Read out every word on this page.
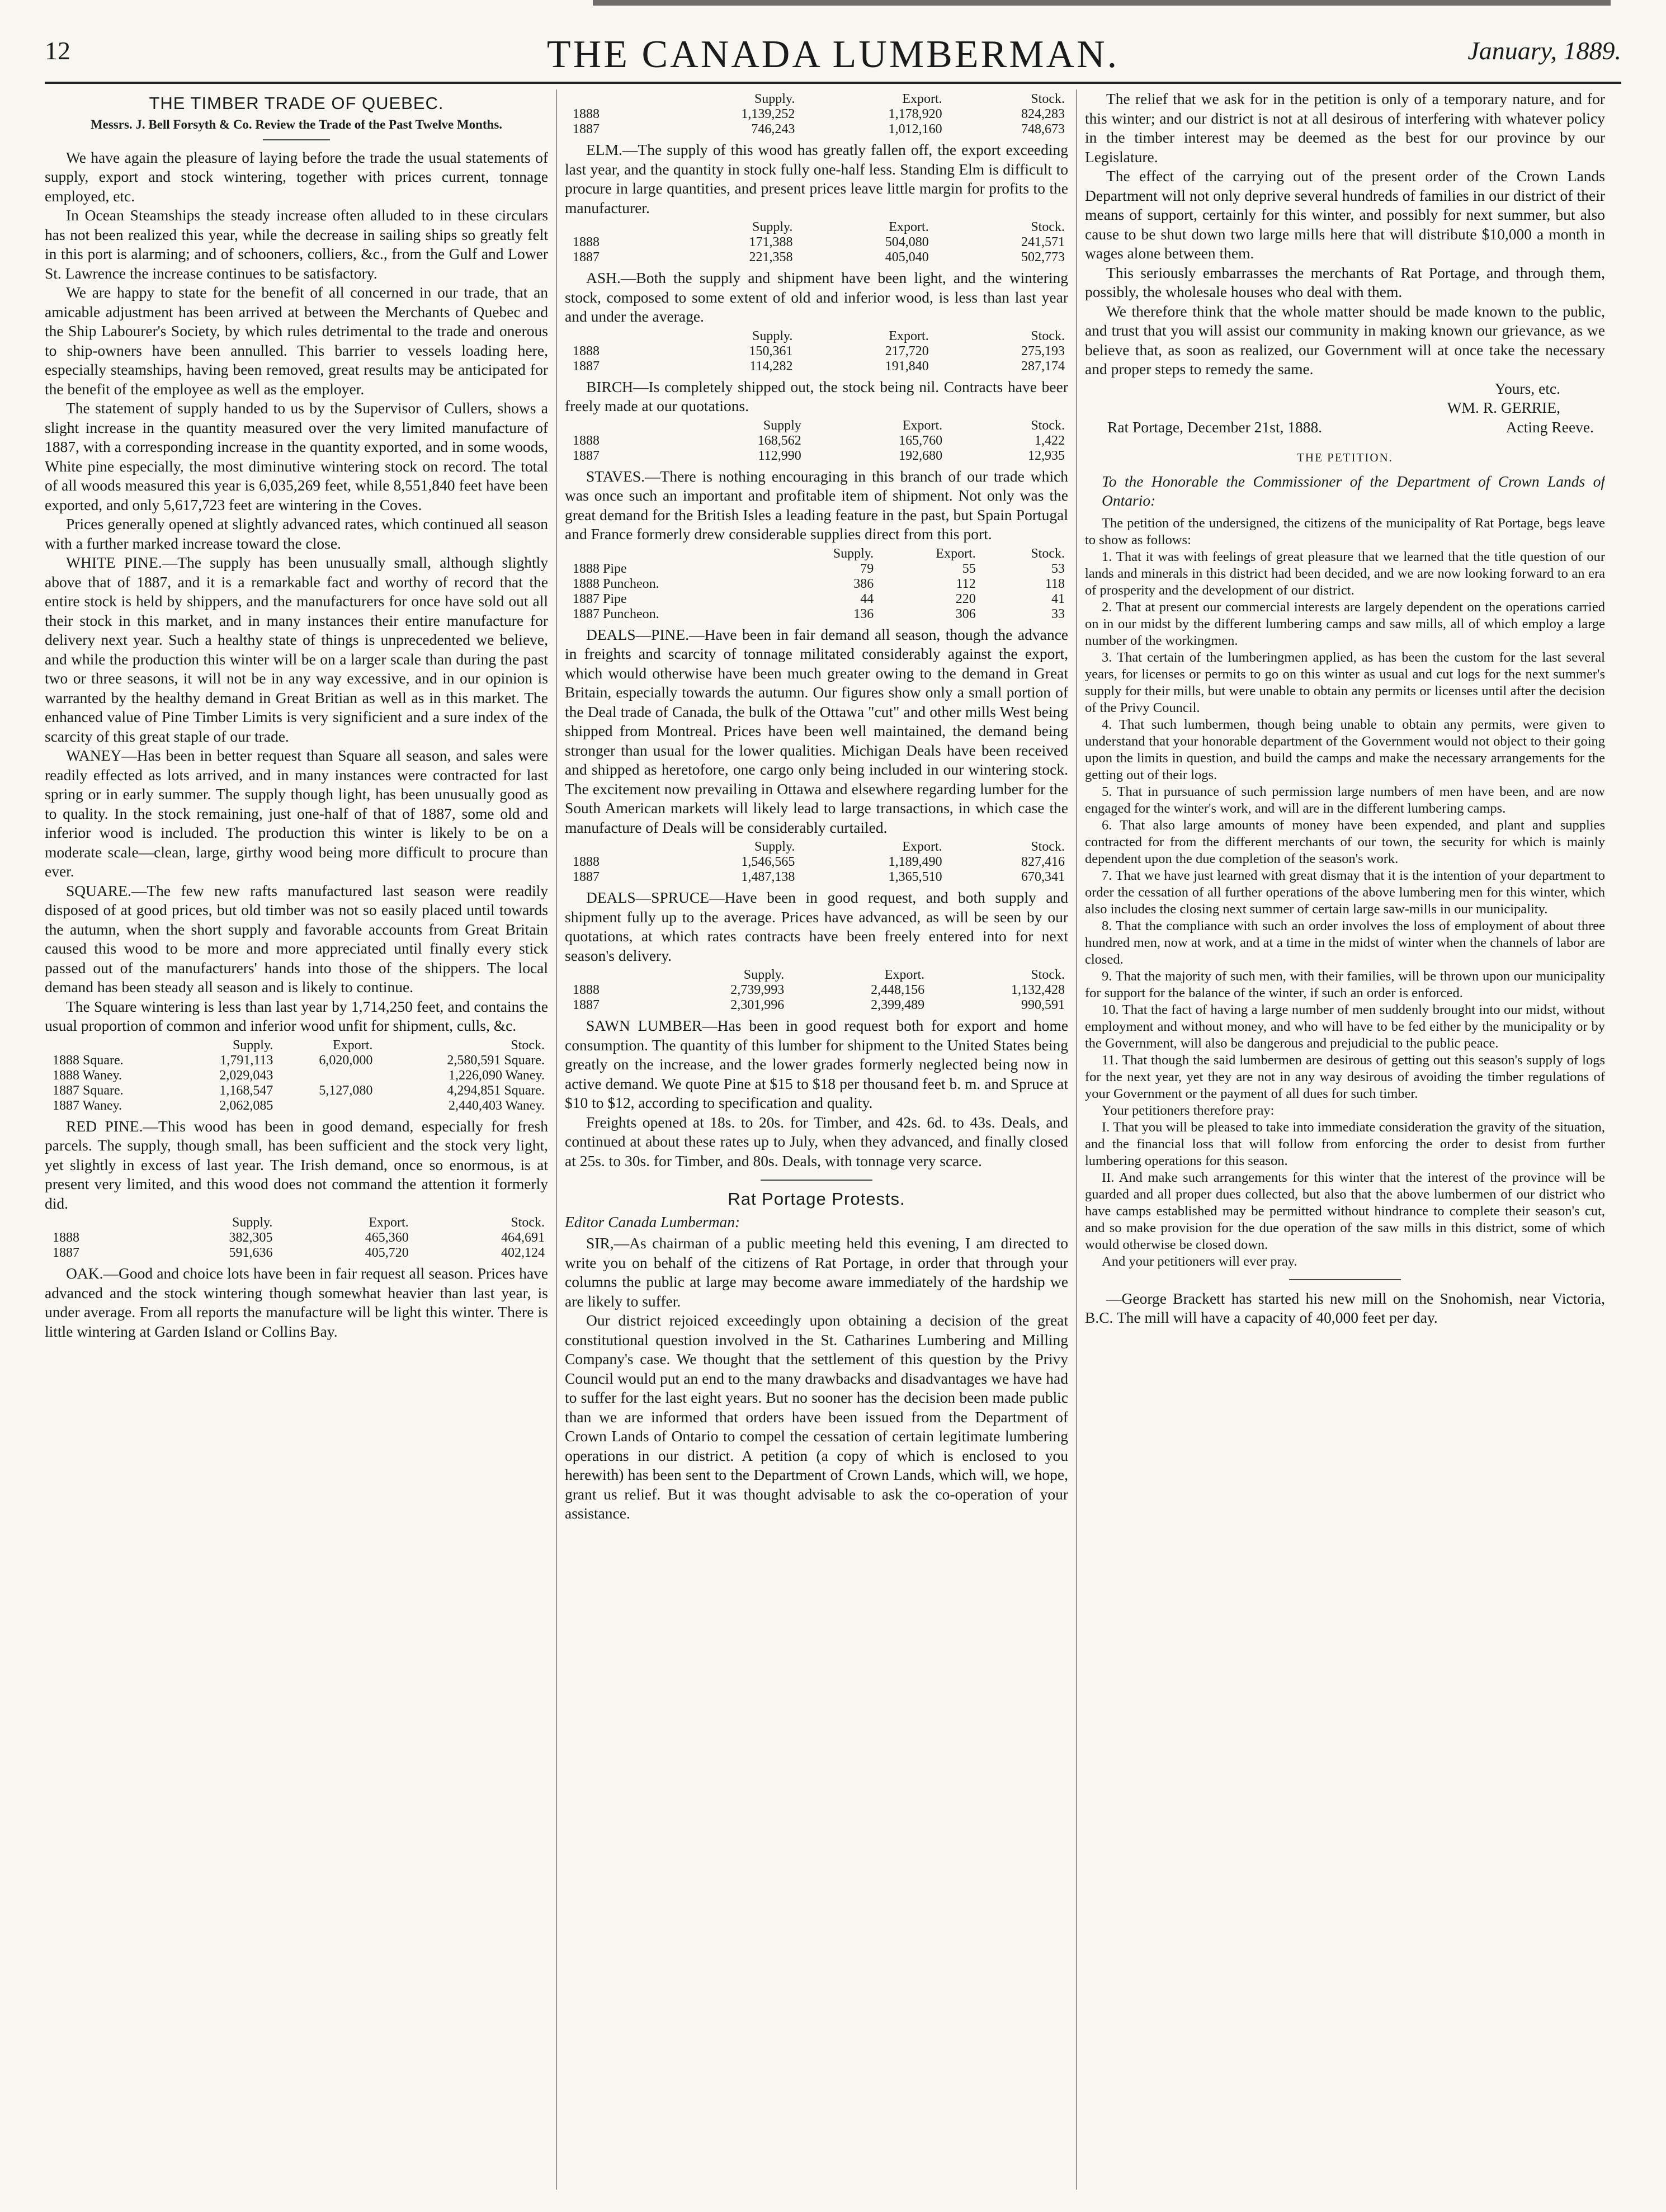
12	THE CANADA LUMBERMAN.	January, 1889.
THE TIMBER TRADE OF QUEBEC.
Messrs. J. Bell Forsyth & Co. Review the Trade of the Past Twelve Months.

We have again the pleasure of laying before the trade the usual statements of supply, export and stock wintering, together with prices current, tonnage employed, etc.

In Ocean Steamships the steady increase often alluded to in these circulars has not been realized this year, while the decrease in sailing ships so greatly felt in this port is alarming; and of schooners, colliers, &c., from the Gulf and Lower St. Lawrence the increase continues to be satisfactory.

We are happy to state for the benefit of all concerned in our trade, that an amicable adjustment has been arrived at between the Merchants of Quebec and the Ship Labourer's Society, by which rules detrimental to the trade and onerous to ship-owners have been annulled. This barrier to vessels loading here, especially steamships, having been removed, great results may be anticipated for the benefit of the employee as well as the employer.

The statement of supply handed to us by the Supervisor of Cullers, shows a slight increase in the quantity measured over the very limited manufacture of 1887, with a corresponding increase in the quantity exported, and in some woods, White pine especially, the most diminutive wintering stock on record. The total of all woods measured this year is 6,035,269 feet, while 8,551,840 feet have been exported, and only 5,617,723 feet are wintering in the Coves.

Prices generally opened at slightly advanced rates, which continued all season with a further marked increase toward the close.

WHITE PINE.—The supply has been unusually small, although slightly above that of 1887, and it is a remarkable fact and worthy of record that the entire stock is held by shippers, and the manufacturers for once have sold out all their stock in this market, and in many instances their entire manufacture for delivery next year. Such a healthy state of things is unprecedented we believe, and while the production this winter will be on a larger scale than during the past two or three seasons, it will not be in any way excessive, and in our opinion is warranted by the healthy demand in Great Britian as well as in this market. The enhanced value of Pine Timber Limits is very significient and a sure index of the scarcity of this great staple of our trade.

WANEY—Has been in better request than Square all season, and sales were readily effected as lots arrived, and in many instances were contracted for last spring or in early summer. The supply though light, has been unusually good as to quality. In the stock remaining, just one-half of that of 1887, some old and inferior wood is included. The production this winter is likely to be on a moderate scale—clean, large, girthy wood being more difficult to procure than ever.

SQUARE.—The few new rafts manufactured last season were readily disposed of at good prices, but old timber was not so easily placed until towards the autumn, when the short supply and favorable accounts from Great Britain caused this wood to be more and more appreciated until finally every stick passed out of the manufacturers' hands into those of the shippers. The local demand has been steady all season and is likely to continue.

The Square wintering is less than last year by 1,714,250 feet, and contains the usual proportion of common and inferior wood unfit for shipment, culls, &c.

	Supply.	Export.	Stock.
1888 Square.	1,791,113	6,020,000	2,580,591 Square.
1888 Waney.	2,029,043		1,226,090 Waney.
1887 Square.	1,168,547	5,127,080	4,294,851 Square.
1887 Waney.	2,062,085		2,440,403 Waney.

RED PINE.—This wood has been in good demand, especially for fresh parcels. The supply, though small, has been sufficient and the stock very light, yet slightly in excess of last year. The Irish demand, once so enormous, is at present very limited, and this wood does not command the attention it formerly did.

	Supply.	Export.	Stock.
1888	382,305	465,360	464,691
1887	591,636	405,720	402,124

OAK.—Good and choice lots have been in fair request all season. Prices have advanced and the stock wintering though somewhat heavier than last year, is under average. From all reports the manufacture will be light this winter. There is little wintering at Garden Island or Collins Bay.

	Supply.	Export.	Stock.
1888	1,139,252	1,178,920	824,283
1887	746,243	1,012,160	748,673

ELM.—The supply of this wood has greatly fallen off, the export exceeding last year, and the quantity in stock fully one-half less. Standing Elm is difficult to procure in large quantities, and present prices leave little margin for profits to the manufacturer.

	Supply.	Export.	Stock.
1888	171,388	504,080	241,571
1887	221,358	405,040	502,773

ASH.—Both the supply and shipment have been light, and the wintering stock, composed to some extent of old and inferior wood, is less than last year and under the average.

	Supply.	Export.	Stock.
1888	150,361	217,720	275,193
1887	114,282	191,840	287,174

BIRCH—Is completely shipped out, the stock being nil. Contracts have beer freely made at our quotations.

	Supply	Export.	Stock.
1888	168,562	165,760	1,422
1887	112,990	192,680	12,935

STAVES.—There is nothing encouraging in this branch of our trade which was once such an important and profitable item of shipment. Not only was the great demand for the British Isles a leading feature in the past, but Spain Portugal and France formerly drew considerable supplies direct from this port.

	Supply.	Export.	Stock.
1888 Pipe	79	55	53
1888 Puncheon.	386	112	118
1887 Pipe	44	220	41
1887 Puncheon.	136	306	33

DEALS—PINE.—Have been in fair demand all season, though the advance in freights and scarcity of tonnage militated considerably against the export, which would otherwise have been much greater owing to the demand in Great Britain, especially towards the autumn. Our figures show only a small portion of the Deal trade of Canada, the bulk of the Ottawa "cut" and other mills West being shipped from Montreal. Prices have been well maintained, the demand being stronger than usual for the lower qualities. Michigan Deals have been received and shipped as heretofore, one cargo only being included in our wintering stock. The excitement now prevailing in Ottawa and elsewhere regarding lumber for the South American markets will likely lead to large transactions, in which case the manufacture of Deals will be considerably curtailed.

	Supply.	Export.	Stock.
1888	1,546,565	1,189,490	827,416
1887	1,487,138	1,365,510	670,341

DEALS—SPRUCE—Have been in good request, and both supply and shipment fully up to the average. Prices have advanced, as will be seen by our quotations, at which rates contracts have been freely entered into for next season's delivery.

	Supply.	Export.	Stock.
1888	2,739,993	2,448,156	1,132,428
1887	2,301,996	2,399,489	990,591

SAWN LUMBER—Has been in good request both for export and home consumption. The quantity of this lumber for shipment to the United States being greatly on the increase, and the lower grades formerly neglected being now in active demand. We quote Pine at $15 to $18 per thousand feet b. m. and Spruce at $10 to $12, according to specification and quality.

Freights opened at 18s. to 20s. for Timber, and 42s. 6d. to 43s. Deals, and continued at about these rates up to July, when they advanced, and finally closed at 25s. to 30s. for Timber, and 80s. Deals, with tonnage very scarce.

Rat Portage Protests.

Editor Canada Lumberman:

SIR,—As chairman of a public meeting held this evening, I am directed to write you on behalf of the citizens of Rat Portage, in order that through your columns the public at large may become aware immediately of the hardship we are likely to suffer.

Our district rejoiced exceedingly upon obtaining a decision of the great constitutional question involved in the St. Catharines Lumbering and Milling Company's case. We thought that the settlement of this question by the Privy Council would put an end to the many drawbacks and disadvantages we have had to suffer for the last eight years. But no sooner has the decision been made public than we are informed that orders have been issued from the Department of Crown Lands of Ontario to compel the cessation of certain legitimate lumbering operations in our district. A petition (a copy of which is enclosed to you herewith) has been sent to the Department of Crown Lands, which will, we hope, grant us relief. But it was thought advisable to ask the co-operation of your assistance.

The relief that we ask for in the petition is only of a temporary nature, and for this winter; and our district is not at all desirous of interfering with whatever policy in the timber interest may be deemed as the best for our province by our Legislature.

The effect of the carrying out of the present order of the Crown Lands Department will not only deprive several hundreds of families in our district of their means of support, certainly for this winter, and possibly for next summer, but also cause to be shut down two large mills here that will distribute $10,000 a month in wages alone between them.

This seriously embarrasses the merchants of Rat Portage, and through them, possibly, the wholesale houses who deal with them.

We therefore think that the whole matter should be made known to the public, and trust that you will assist our community in making known our grievance, as we believe that, as soon as realized, our Government will at once take the necessary and proper steps to remedy the same.

Yours, etc.

WM. R. GERRIE,

Rat Portage, December 21st, 1888.	Acting Reeve.
THE PETITION.

To the Honorable the Commissioner of the Department of Crown Lands of Ontario:

The petition of the undersigned, the citizens of the municipality of Rat Portage, begs leave to show as follows:

1. That it was with feelings of great pleasure that we learned that the title question of our lands and minerals in this district had been decided, and we are now looking forward to an era of prosperity and the development of our district.

2. That at present our commercial interests are largely dependent on the operations carried on in our midst by the different lumbering camps and saw mills, all of which employ a large number of the workingmen.

3. That certain of the lumberingmen applied, as has been the custom for the last several years, for licenses or permits to go on this winter as usual and cut logs for the next summer's supply for their mills, but were unable to obtain any permits or licenses until after the decision of the Privy Council.

4. That such lumbermen, though being unable to obtain any permits, were given to understand that your honorable department of the Government would not object to their going upon the limits in question, and build the camps and make the necessary arrangements for the getting out of their logs.

5. That in pursuance of such permission large numbers of men have been, and are now engaged for the winter's work, and will are in the different lumbering camps.

6. That also large amounts of money have been expended, and plant and supplies contracted for from the different merchants of our town, the security for which is mainly dependent upon the due completion of the season's work.

7. That we have just learned with great dismay that it is the intention of your department to order the cessation of all further operations of the above lumbering men for this winter, which also includes the closing next summer of certain large saw-mills in our municipality.

8. That the compliance with such an order involves the loss of employment of about three hundred men, now at work, and at a time in the midst of winter when the channels of labor are closed.

9. That the majority of such men, with their families, will be thrown upon our municipality for support for the balance of the winter, if such an order is enforced.

10. That the fact of having a large number of men suddenly brought into our midst, without employment and without money, and who will have to be fed either by the municipality or by the Government, will also be dangerous and prejudicial to the public peace.

11. That though the said lumbermen are desirous of getting out this season's supply of logs for the next year, yet they are not in any way desirous of avoiding the timber regulations of your Government or the payment of all dues for such timber.

Your petitioners therefore pray:

I. That you will be pleased to take into immediate consideration the gravity of the situation, and the financial loss that will follow from enforcing the order to desist from further lumbering operations for this season.

II. And make such arrangements for this winter that the interest of the province will be guarded and all proper dues collected, but also that the above lumbermen of our district who have camps established may be permitted without hindrance to complete their season's cut, and so make provision for the due operation of the saw mills in this district, some of which would otherwise be closed down.

And your petitioners will ever pray.

—George Brackett has started his new mill on the Snohomish, near Victoria, B.C. The mill will have a capacity of 40,000 feet per day.
